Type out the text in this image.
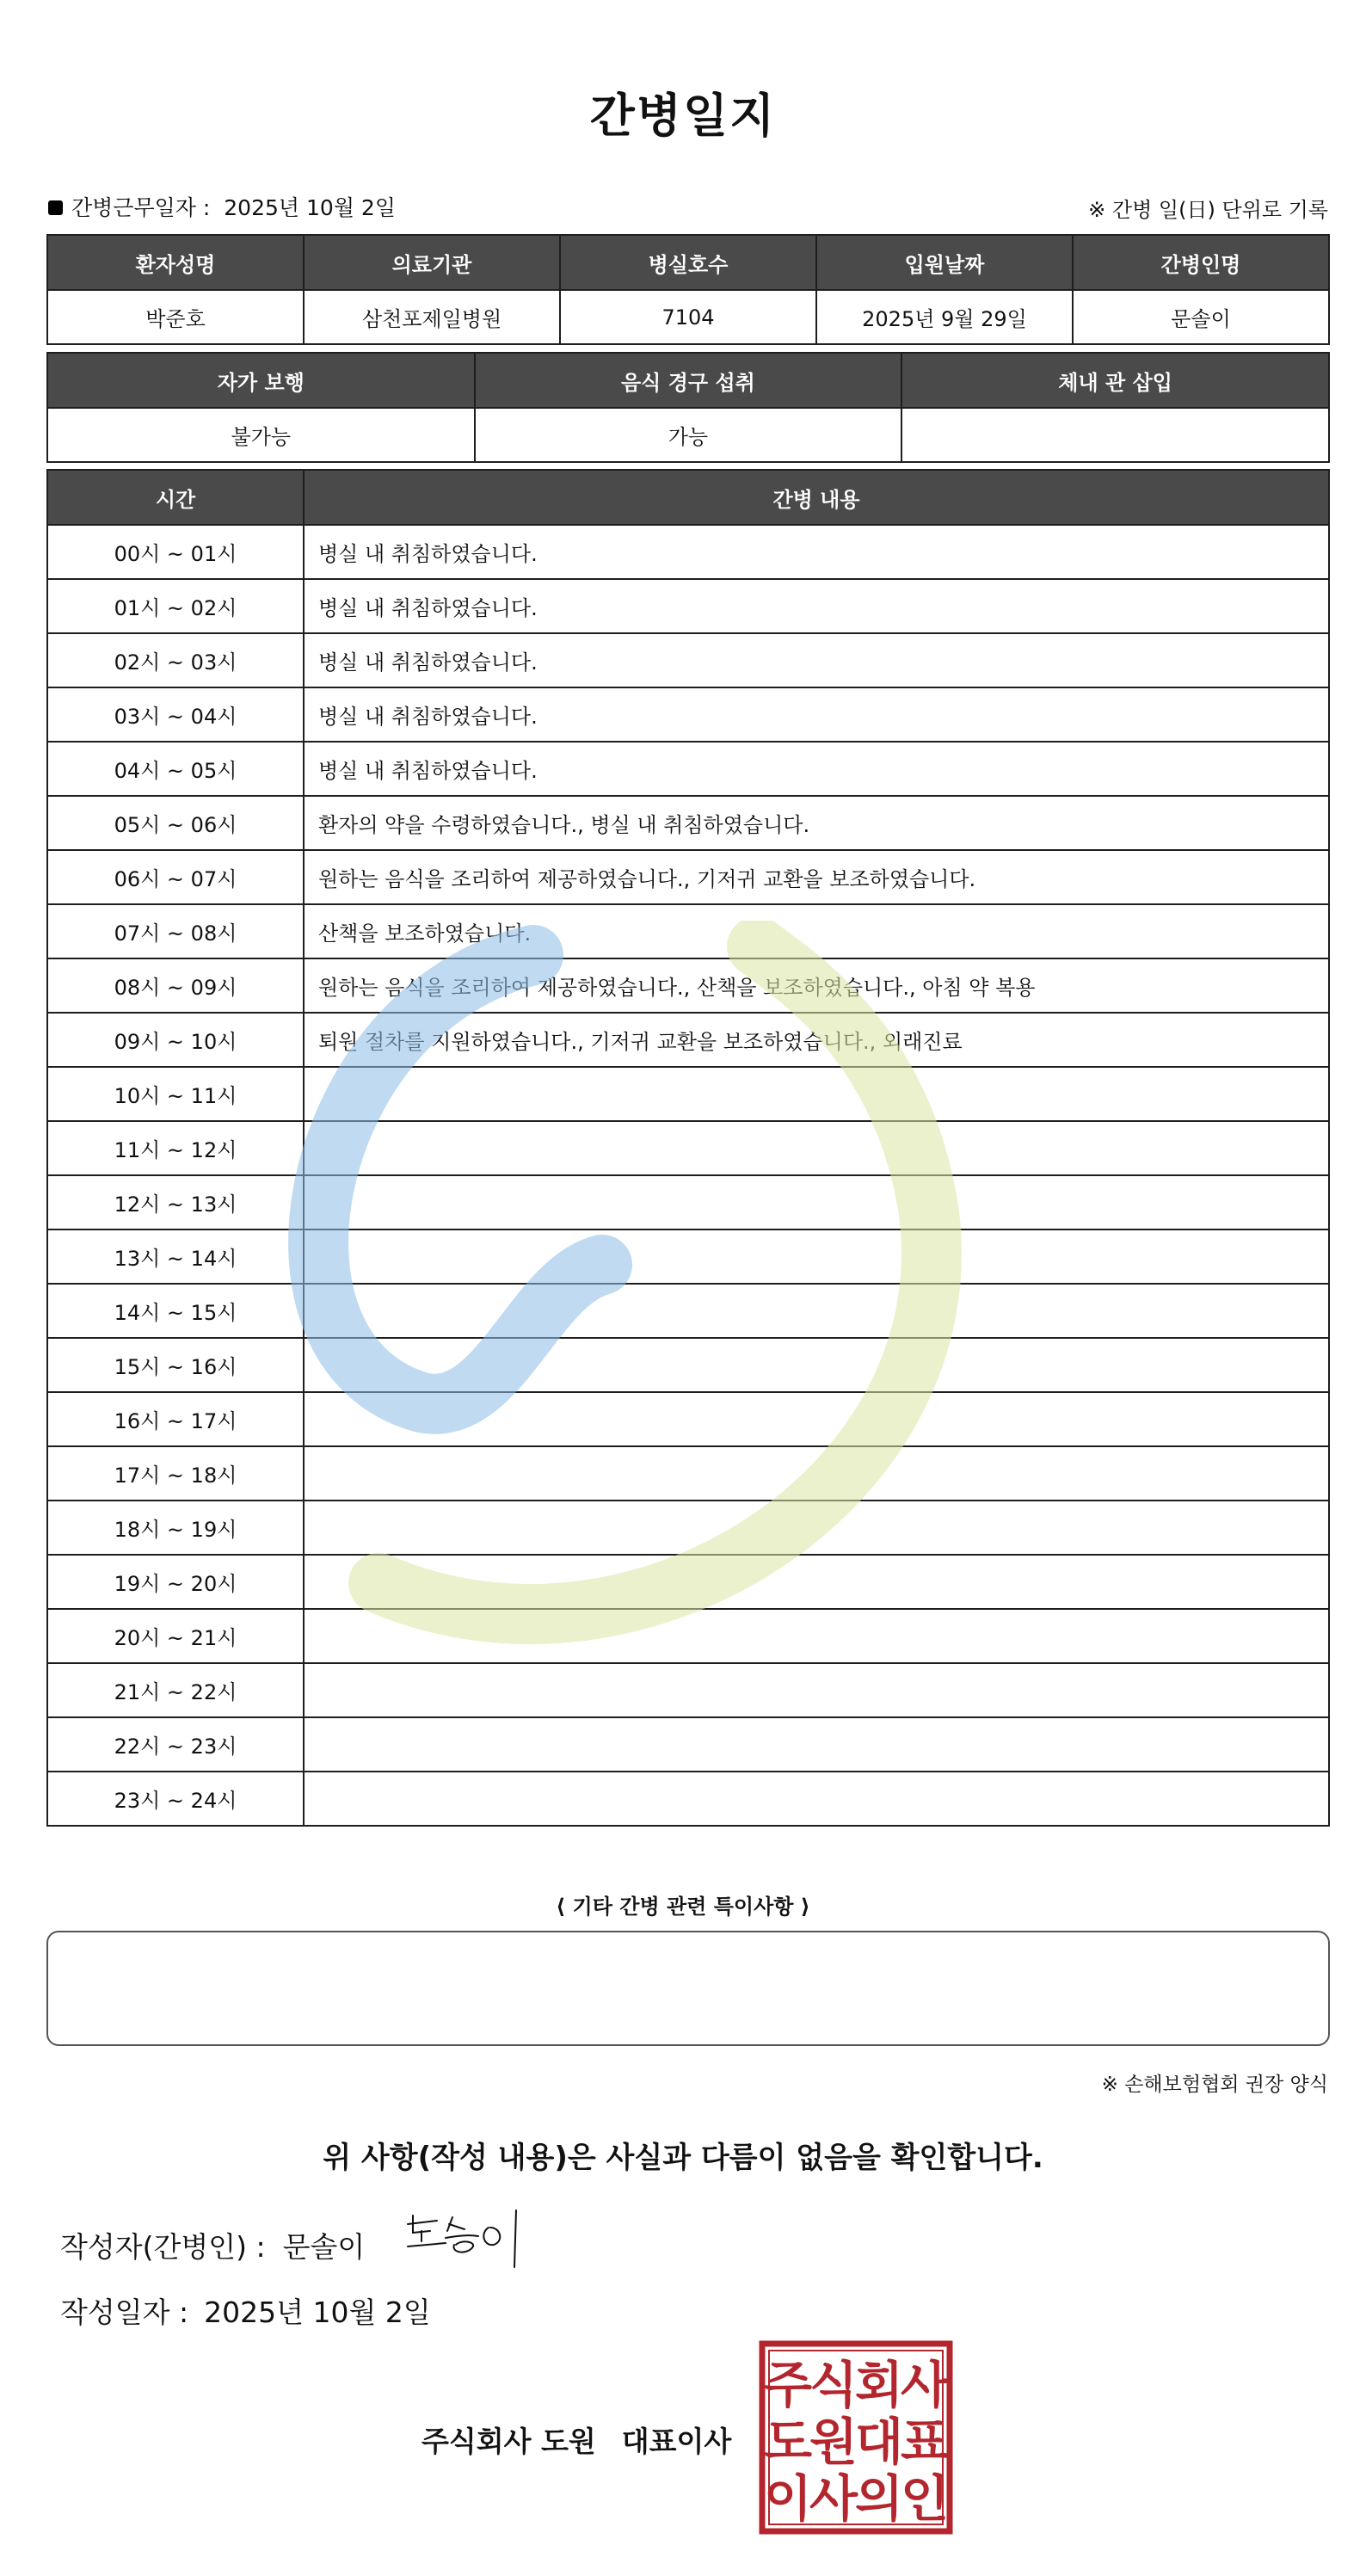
간병일지
간병근무일자 : 2025년 10월 2일	※ 간병 일(日) 단위로 기록
환자성명	의료기관	병실호수	입원날짜	간병인명
박준호	삼천포제일병원	7104	2025년 9월 29일	문솔이
자가 보행	음식 경구 섭취	체내 관 삽입
불가능	가능	
시간	간병 내용
00시 ~ 01시	병실 내 취침하였습니다.
01시 ~ 02시	병실 내 취침하였습니다.
02시 ~ 03시	병실 내 취침하였습니다.
03시 ~ 04시	병실 내 취침하였습니다.
04시 ~ 05시	병실 내 취침하였습니다.
05시 ~ 06시	환자의 약을 수령하였습니다., 병실 내 취침하였습니다.
06시 ~ 07시	원하는 음식을 조리하여 제공하였습니다., 기저귀 교환을 보조하였습니다.
07시 ~ 08시	산책을 보조하였습니다.
08시 ~ 09시	원하는 음식을 조리하여 제공하였습니다., 산책을 보조하였습니다., 아침 약 복용
09시 ~ 10시	퇴원 절차를 지원하였습니다., 기저귀 교환을 보조하였습니다., 외래진료
10시 ~ 11시	
11시 ~ 12시	
12시 ~ 13시	
13시 ~ 14시	
14시 ~ 15시	
15시 ~ 16시	
16시 ~ 17시	
17시 ~ 18시	
18시 ~ 19시	
19시 ~ 20시	
20시 ~ 21시	
21시 ~ 22시	
22시 ~ 23시	
23시 ~ 24시	
⟨ 기타 간병 관련 특이사항 ⟩
※ 손해보험협회 권장 양식
위 사항(작성 내용)은 사실과 다름이 없음을 확인합니다.
작성자(간병인) : 문솔이
작성일자 : 2025년 10월 2일
주식회사 도원 대표이사
주
식
회
사
도
원
대
표
이
사
의
인
